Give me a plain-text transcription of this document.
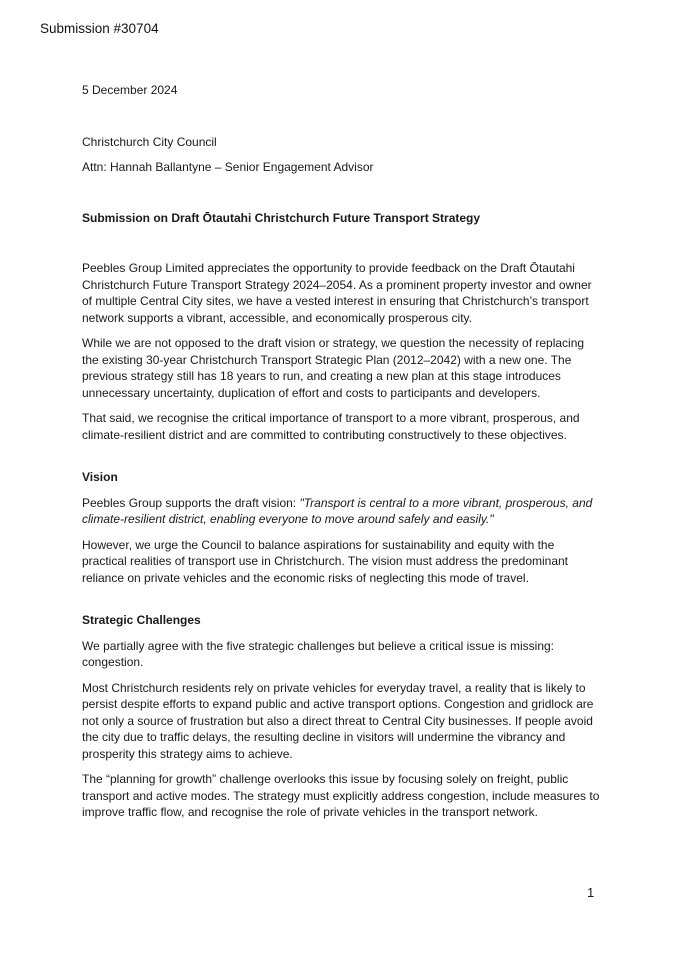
Submission #30704

5 December 2024

Christchurch City Council

Attn: Hannah Ballantyne – Senior Engagement Advisor

Submission on Draft Ōtautahi Christchurch Future Transport Strategy

Peebles Group Limited appreciates the opportunity to provide feedback on the Draft Ōtautahi Christchurch Future Transport Strategy 2024–2054. As a prominent property investor and owner of multiple Central City sites, we have a vested interest in ensuring that Christchurch’s transport network supports a vibrant, accessible, and economically prosperous city.

While we are not opposed to the draft vision or strategy, we question the necessity of replacing the existing 30-year Christchurch Transport Strategic Plan (2012–2042) with a new one. The previous strategy still has 18 years to run, and creating a new plan at this stage introduces unnecessary uncertainty, duplication of effort and costs to participants and developers.

That said, we recognise the critical importance of transport to a more vibrant, prosperous, and climate-resilient district and are committed to contributing constructively to these objectives.

Vision

Peebles Group supports the draft vision: "Transport is central to a more vibrant, prosperous, and climate-resilient district, enabling everyone to move around safely and easily."

However, we urge the Council to balance aspirations for sustainability and equity with the practical realities of transport use in Christchurch. The vision must address the predominant reliance on private vehicles and the economic risks of neglecting this mode of travel.

Strategic Challenges

We partially agree with the five strategic challenges but believe a critical issue is missing: congestion.

Most Christchurch residents rely on private vehicles for everyday travel, a reality that is likely to persist despite efforts to expand public and active transport options. Congestion and gridlock are not only a source of frustration but also a direct threat to Central City businesses. If people avoid the city due to traffic delays, the resulting decline in visitors will undermine the vibrancy and prosperity this strategy aims to achieve.

The “planning for growth” challenge overlooks this issue by focusing solely on freight, public transport and active modes. The strategy must explicitly address congestion, include measures to improve traffic flow, and recognise the role of private vehicles in the transport network.

1
